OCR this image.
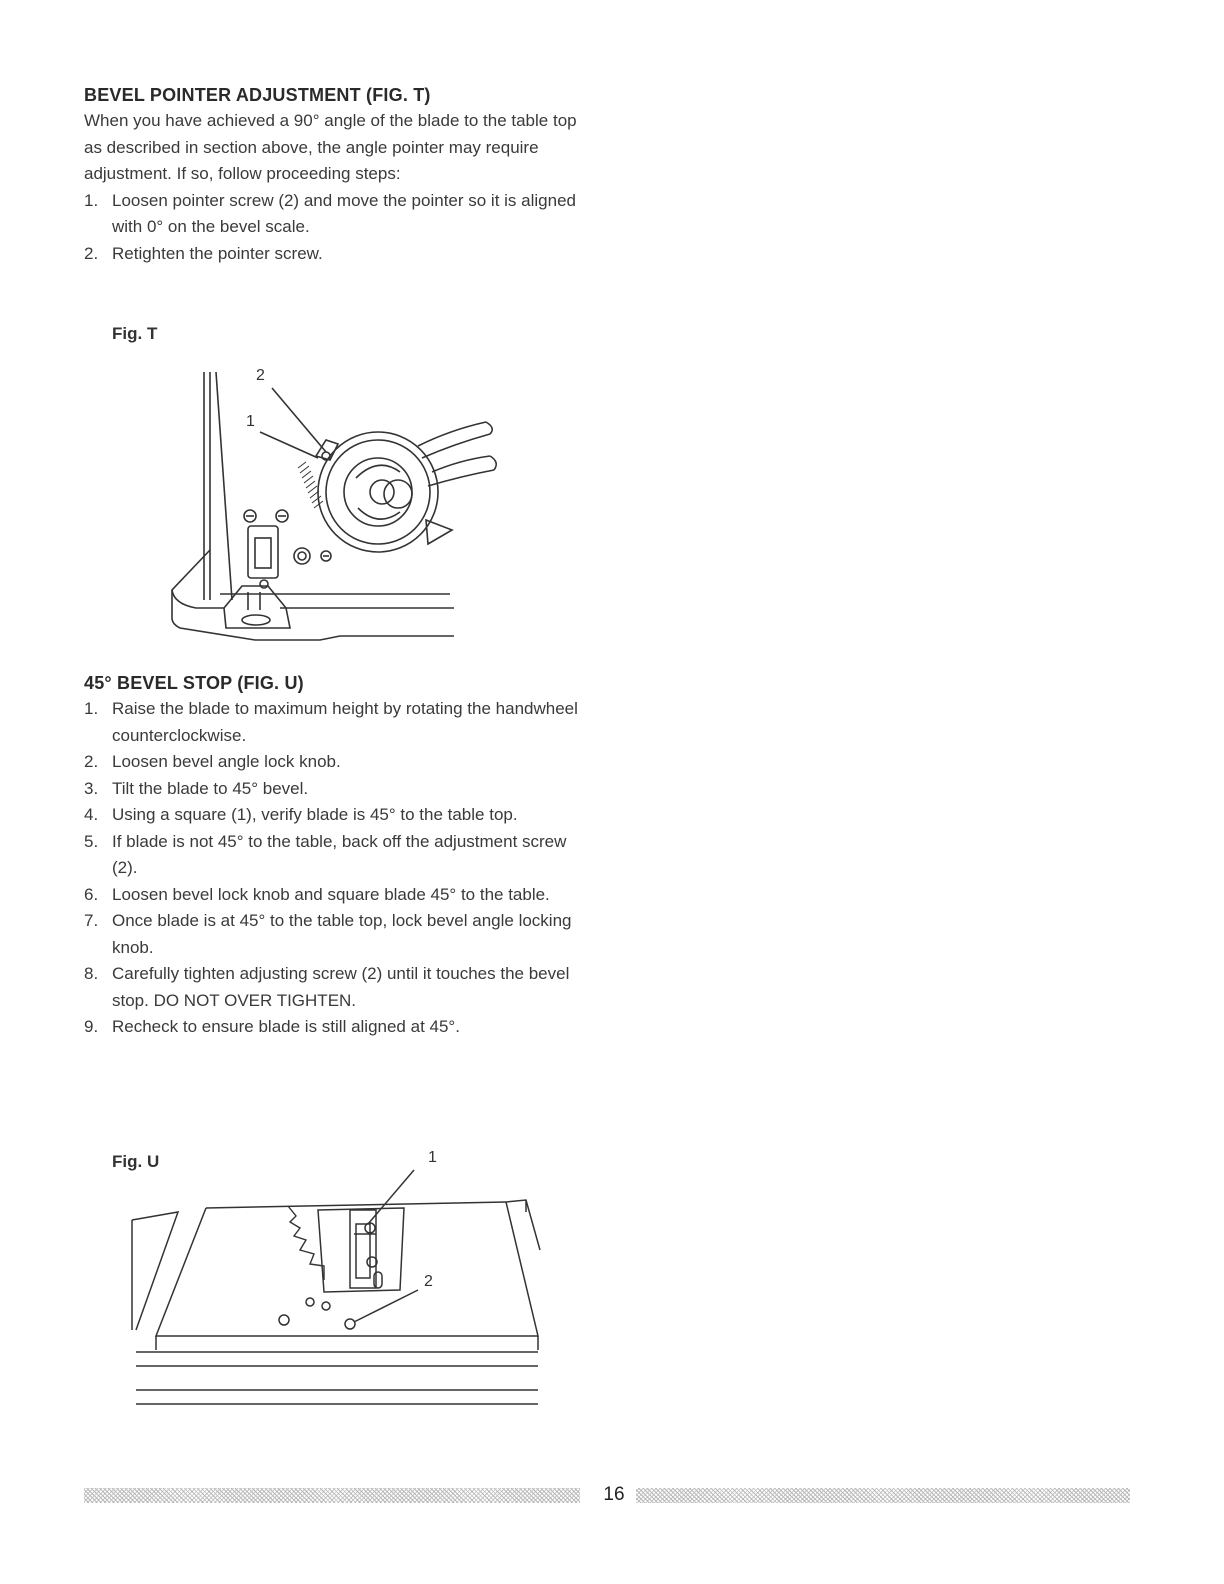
BEVEL POINTER ADJUSTMENT (FIG. T)

When you have achieved a 90° angle of the blade to the table top as described in section above, the angle pointer may require adjustment. If so, follow proceeding steps:

1. Loosen pointer screw (2) and move the pointer so it is aligned with 0° on the bevel scale.
2. Retighten the pointer screw.
Fig. T
2
1
45° BEVEL STOP (FIG. U)
1. Raise the blade to maximum height by rotating the handwheel counterclockwise.
2. Loosen bevel angle lock knob.
3. Tilt the blade to 45° bevel.
4. Using a square (1), verify blade is 45° to the table top.
5. If blade is not 45° to the table, back off the adjustment screw (2).
6. Loosen bevel lock knob and square blade 45° to the table.
7. Once blade is at 45° to the table top, lock bevel angle locking knob.
8. Carefully tighten adjusting screw (2) until it touches the bevel stop. DO NOT OVER TIGHTEN.
9. Recheck to ensure blade is still aligned at 45°.
Fig. U	1
2
16
